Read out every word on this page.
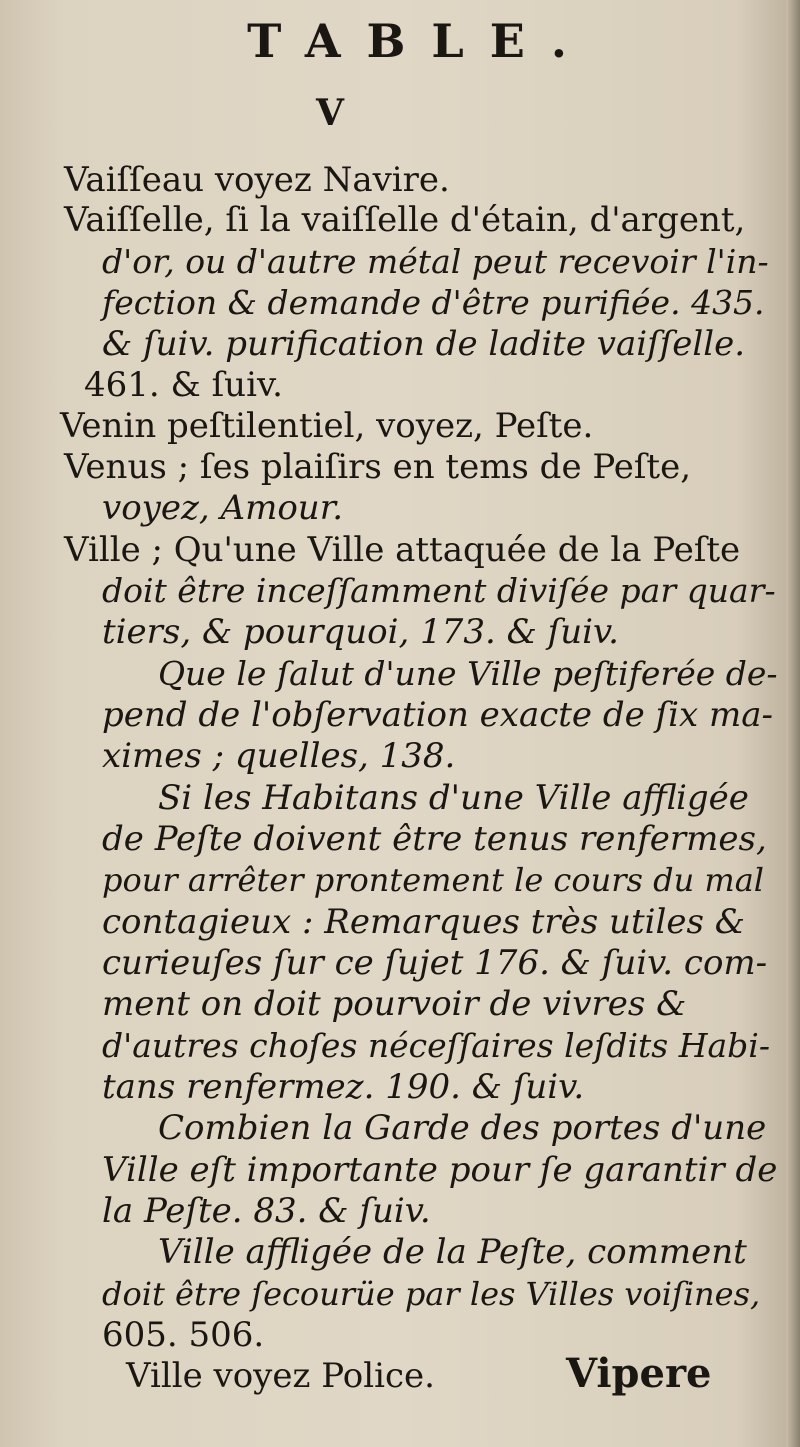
TABLE.
V
Vaiſſeau voyez Navire.
Vaiſſelle, ſi la vaiſſelle d'étain, d'argent,
d'or, ou d'autre métal peut recevoir l'in-
fection & demande d'être purifiée. 435.
& ſuiv. purification de ladite vaiſſelle.
461. & ſuiv.
Venin peſtilentiel, voyez, Peſte.
Venus ; ſes plaiſirs en tems de Peſte,
voyez, Amour.
Ville ; Qu'une Ville attaquée de la Peſte
doit être inceſſamment diviſée par quar-
tiers, & pourquoi, 173. & ſuiv.
Que le ſalut d'une Ville peſtiferée de-
pend de l'obſervation exacte de ſix ma-
ximes ; quelles, 138.
Si les Habitans d'une Ville affligée
de Peſte doivent être tenus renfermes,
pour arrêter prontement le cours du mal
contagieux : Remarques très utiles &
curieuſes ſur ce ſujet 176. & ſuiv. com-
ment on doit pourvoir de vivres &
d'autres choſes néceſſaires leſdits Habi-
tans renfermez. 190. & ſuiv.
Combien la Garde des portes d'une
Ville eſt importante pour ſe garantir de
la Peſte. 83. & ſuiv.
Ville affligée de la Peſte, comment
doit être ſecourüe par les Villes voiſines,
605. 506.
Ville voyez Police.	Vipere
